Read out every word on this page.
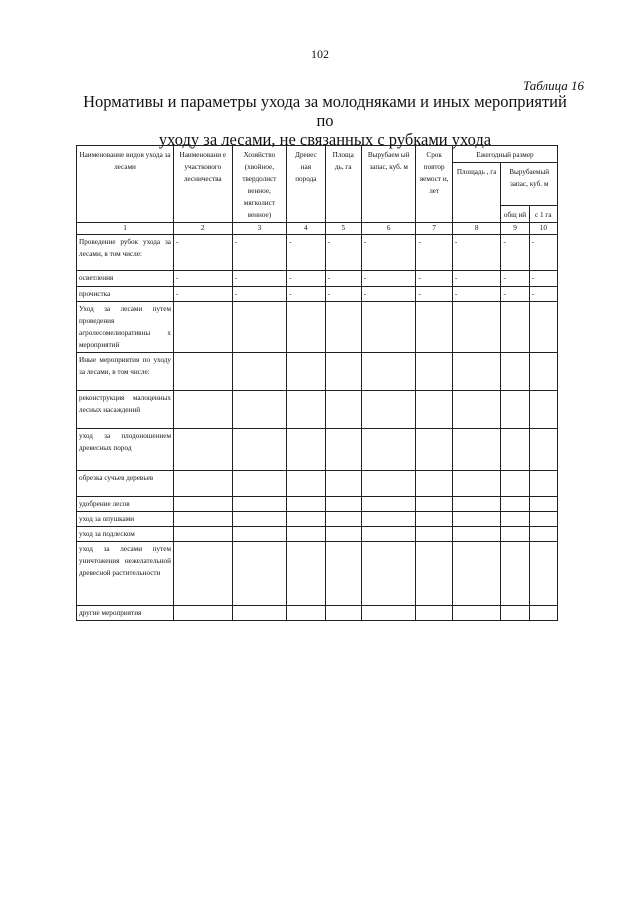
102
Таблица 16
Нормативы и параметры ухода за молодняками и иных мероприятий по
уходу за лесами, не связанных с рубками ухода
Наименование видов ухода за лесами	Наименовани е участкового лесничества	Хозяйство (хвойное, твердолист венное, мягколист венное)	Древес ная порода	Площа дь, га	Вырубаем ый запас, куб. м	Срок повтор яемост и, лет	Ежегодный размер		
							Площадь , га	Вырубаемый запас, куб. м	
								общ ий	с 1 га
1	2	3	4	5	6	7	8	9	10
Проведение рубок ухода за лесами, в том числе:	-	-	-	-	-	-	-	-	-
осветления	-	-	-	-	-	-	-	-	-
прочистка	-	-	-	-	-	-	-	-	-
Уход за лесами путем проведения агролесомелиоративны х мероприятий									
Иные мероприятия по уходу за лесами, в том числе:									
реконструкция малоценных лесных насаждений									
уход за плодоношением древесных пород									
обрезка сучьев деревьев									
удобрение лесов									
уход за опушками									
уход за подлеском									
уход за лесами путем уничтожения нежелательной древесной растительности									
другие мероприятия									
